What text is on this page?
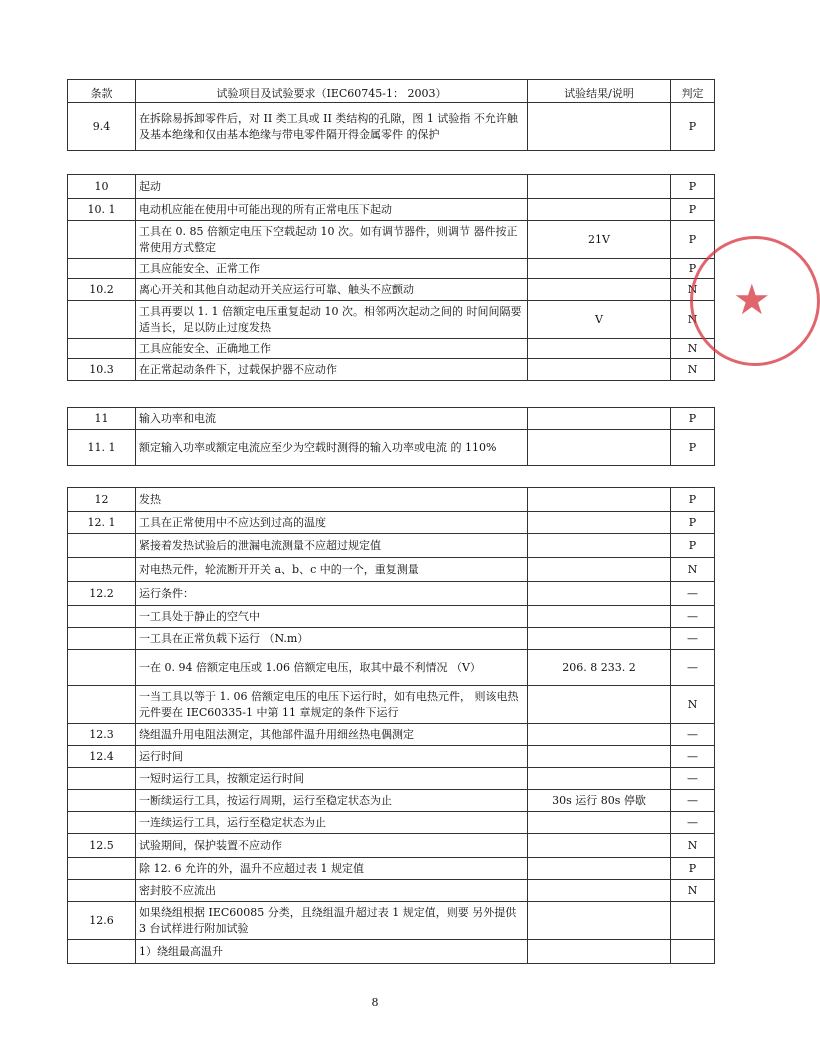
条款	试验项目及试验要求（IEC60745-1： 2003）	试验结果/说明	判定
9.4	在拆除易拆卸零件后，对 II 类工具或 II 类结构的孔隙，图 1 试验指 不允许触及基本绝缘和仅由基本绝缘与带电零件隔开得金属零件 的保护		P
10	起动		P
10. 1	电动机应能在使用中可能出现的所有正常电压下起动		P
	工具在 0. 85 倍额定电压下空载起动 10 次。如有调节器件，则调节 器件按正常使用方式整定	21V	P
	工具应能安全、正常工作		P
10.2	离心开关和其他自动起动开关应运行可靠、触头不应颤动		N
	工具再要以 1. 1 倍额定电压重复起动 10 次。相邻两次起动之间的 时间间隔要适当长，足以防止过度发热	V	N
	工具应能安全、正确地工作		N
10.3	在正常起动条件下，过载保护器不应动作		N
11	输入功率和电流		P
11. 1	额定输入功率或额定电流应至少为空载时测得的输入功率或电流 的 110%		P
12	发热		P
12. 1	工具在正常使用中不应达到过高的温度		P
	紧接着发热试验后的泄漏电流测量不应超过规定值		P
	对电热元件，轮流断开开关 a、b、c 中的一个，重复测量		N
12.2	运行条件：		—
	一工具处于静止的空气中		—
	一工具在正常负载下运行 （N.m）		—
	一在 0. 94 倍额定电压或 1.06 倍额定电压，取其中最不利情况 （V）	206. 8 233. 2	—
	一当工具以等于 1. 06 倍额定电压的电压下运行时，如有电热元件， 则该电热元件要在 IEC60335-1 中第 11 章规定的条件下运行		N
12.3	绕组温升用电阻法测定，其他部件温升用细丝热电偶测定		—
12.4	运行时间		—
	一短时运行工具，按额定运行时间		—
	一断续运行工具，按运行周期，运行至稳定状态为止	30s 运行 80s 停歇	—
	一连续运行工具，运行至稳定状态为止		—
12.5	试验期间，保护装置不应动作		N
	除 12. 6 允许的外，温升不应超过表 1 规定值		P
	密封胶不应流出		N
12.6	如果绕组根据 IEC60085 分类，且绕组温升超过表 1 规定值，则要 另外提供 3 台试样进行附加试验		
	1）绕组最高温升		
★
8
